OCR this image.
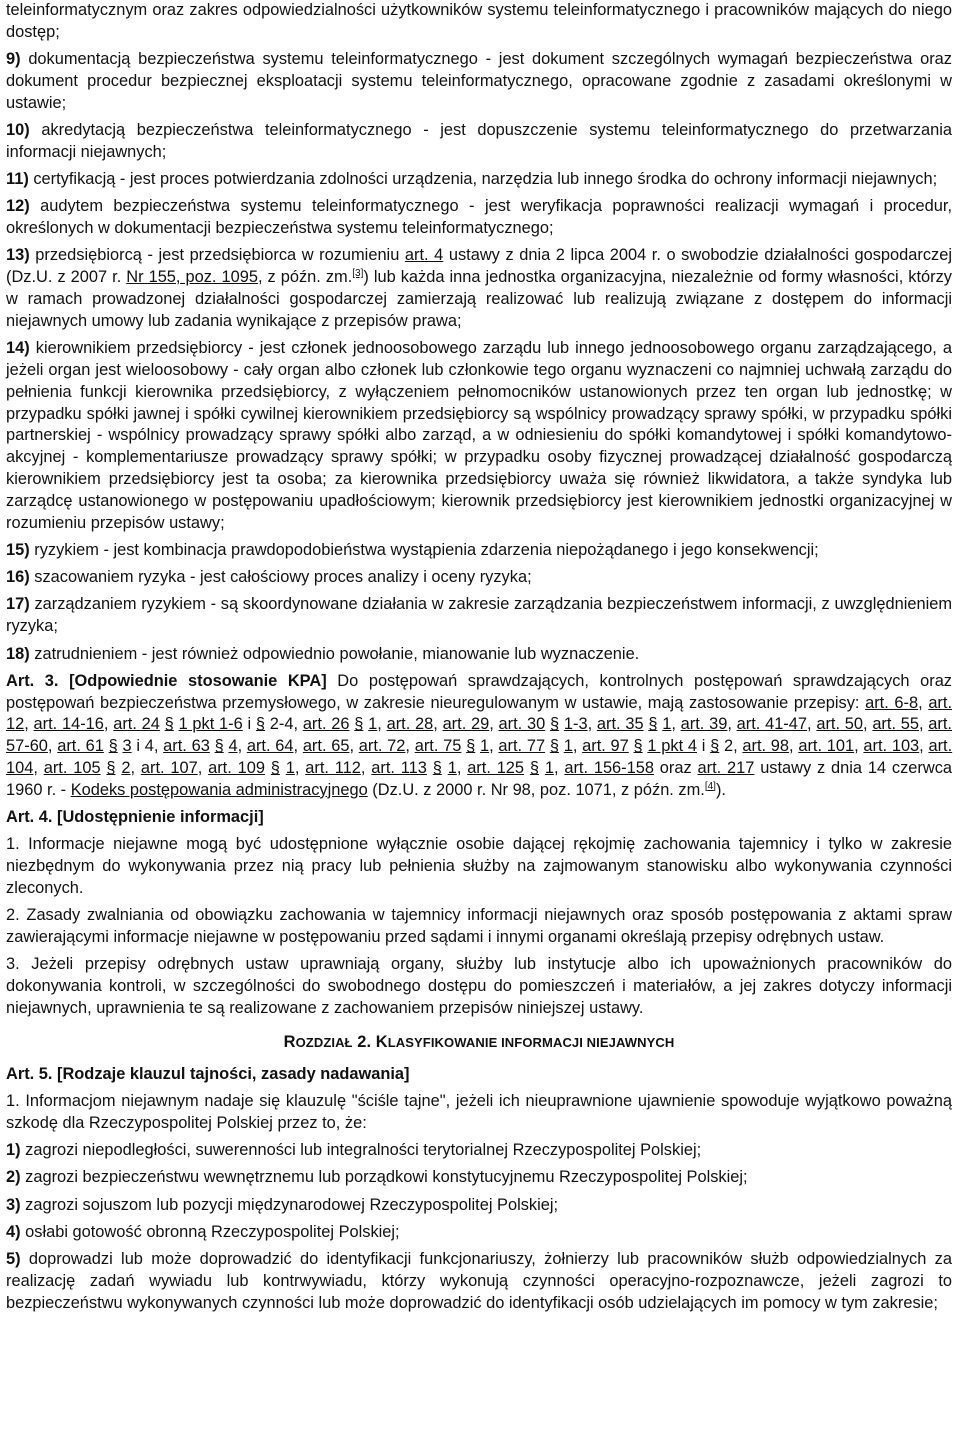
teleinformatycznym oraz zakres odpowiedzialności użytkowników systemu teleinformatycznego i pracowników mających do niego dostęp;

9) dokumentacją bezpieczeństwa systemu teleinformatycznego - jest dokument szczególnych wymagań bezpieczeństwa oraz dokument procedur bezpiecznej eksploatacji systemu teleinformatycznego, opracowane zgodnie z zasadami określonymi w ustawie;

10) akredytacją bezpieczeństwa teleinformatycznego - jest dopuszczenie systemu teleinformatycznego do przetwarzania informacji niejawnych;

11) certyfikacją - jest proces potwierdzania zdolności urządzenia, narzędzia lub innego środka do ochrony informacji niejawnych;

12) audytem bezpieczeństwa systemu teleinformatycznego - jest weryfikacja poprawności realizacji wymagań i procedur, określonych w dokumentacji bezpieczeństwa systemu teleinformatycznego;

13) przedsiębiorcą - jest przedsiębiorca w rozumieniu art. 4 ustawy z dnia 2 lipca 2004 r. o swobodzie działalności gospodarczej (Dz.U. z 2007 r. Nr 155, poz. 1095, z późn. zm.[3]) lub każda inna jednostka organizacyjna, niezależnie od formy własności, którzy w ramach prowadzonej działalności gospodarczej zamierzają realizować lub realizują związane z dostępem do informacji niejawnych umowy lub zadania wynikające z przepisów prawa;

14) kierownikiem przedsiębiorcy - jest członek jednoosobowego zarządu lub innego jednoosobowego organu zarządzającego, a jeżeli organ jest wieloosobowy - cały organ albo członek lub członkowie tego organu wyznaczeni co najmniej uchwałą zarządu do pełnienia funkcji kierownika przedsiębiorcy, z wyłączeniem pełnomocników ustanowionych przez ten organ lub jednostkę; w przypadku spółki jawnej i spółki cywilnej kierownikiem przedsiębiorcy są wspólnicy prowadzący sprawy spółki, w przypadku spółki partnerskiej - wspólnicy prowadzący sprawy spółki albo zarząd, a w odniesieniu do spółki komandytowej i spółki komandytowo-akcyjnej - komplementariusze prowadzący sprawy spółki; w przypadku osoby fizycznej prowadzącej działalność gospodarczą kierownikiem przedsiębiorcy jest ta osoba; za kierownika przedsiębiorcy uważa się również likwidatora, a także syndyka lub zarządcę ustanowionego w postępowaniu upadłościowym; kierownik przedsiębiorcy jest kierownikiem jednostki organizacyjnej w rozumieniu przepisów ustawy;

15) ryzykiem - jest kombinacja prawdopodobieństwa wystąpienia zdarzenia niepożądanego i jego konsekwencji;

16) szacowaniem ryzyka - jest całościowy proces analizy i oceny ryzyka;

17) zarządzaniem ryzykiem - są skoordynowane działania w zakresie zarządzania bezpieczeństwem informacji, z uwzględnieniem ryzyka;

18) zatrudnieniem - jest również odpowiednio powołanie, mianowanie lub wyznaczenie.

Art. 3. [Odpowiednie stosowanie KPA] Do postępowań sprawdzających, kontrolnych postępowań sprawdzających oraz postępowań bezpieczeństwa przemysłowego, w zakresie nieuregulowanym w ustawie, mają zastosowanie przepisy: art. 6-8, art. 12, art. 14-16, art. 24 § 1 pkt 1-6 i § 2-4, art. 26 § 1, art. 28, art. 29, art. 30 § 1-3, art. 35 § 1, art. 39, art. 41-47, art. 50, art. 55, art. 57-60, art. 61 § 3 i 4, art. 63 § 4, art. 64, art. 65, art. 72, art. 75 § 1, art. 77 § 1, art. 97 § 1 pkt 4 i § 2, art. 98, art. 101, art. 103, art. 104, art. 105 § 2, art. 107, art. 109 § 1, art. 112, art. 113 § 1, art. 125 § 1, art. 156-158 oraz art. 217 ustawy z dnia 14 czerwca 1960 r. - Kodeks postępowania administracyjnego (Dz.U. z 2000 r. Nr 98, poz. 1071, z późn. zm.[4]).

Art. 4. [Udostępnienie informacji]

1. Informacje niejawne mogą być udostępnione wyłącznie osobie dającej rękojmię zachowania tajemnicy i tylko w zakresie niezbędnym do wykonywania przez nią pracy lub pełnienia służby na zajmowanym stanowisku albo wykonywania czynności zleconych.

2. Zasady zwalniania od obowiązku zachowania w tajemnicy informacji niejawnych oraz sposób postępowania z aktami spraw zawierającymi informacje niejawne w postępowaniu przed sądami i innymi organami określają przepisy odrębnych ustaw.

3. Jeżeli przepisy odrębnych ustaw uprawniają organy, służby lub instytucje albo ich upoważnionych pracowników do dokonywania kontroli, w szczególności do swobodnego dostępu do pomieszczeń i materiałów, a jej zakres dotyczy informacji niejawnych, uprawnienia te są realizowane z zachowaniem przepisów niniejszej ustawy.

ROZDZIAŁ 2. KLASYFIKOWANIE INFORMACJI NIEJAWNYCH

Art. 5. [Rodzaje klauzul tajności, zasady nadawania]

1. Informacjom niejawnym nadaje się klauzulę "ściśle tajne", jeżeli ich nieuprawnione ujawnienie spowoduje wyjątkowo poważną szkodę dla Rzeczypospolitej Polskiej przez to, że:

1) zagrozi niepodległości, suwerenności lub integralności terytorialnej Rzeczypospolitej Polskiej;

2) zagrozi bezpieczeństwu wewnętrznemu lub porządkowi konstytucyjnemu Rzeczypospolitej Polskiej;

3) zagrozi sojuszom lub pozycji międzynarodowej Rzeczypospolitej Polskiej;

4) osłabi gotowość obronną Rzeczypospolitej Polskiej;

5) doprowadzi lub może doprowadzić do identyfikacji funkcjonariuszy, żołnierzy lub pracowników służb odpowiedzialnych za realizację zadań wywiadu lub kontrwywiadu, którzy wykonują czynności operacyjno-rozpoznawcze, jeżeli zagrozi to bezpieczeństwu wykonywanych czynności lub może doprowadzić do identyfikacji osób udzielających im pomocy w tym zakresie;
